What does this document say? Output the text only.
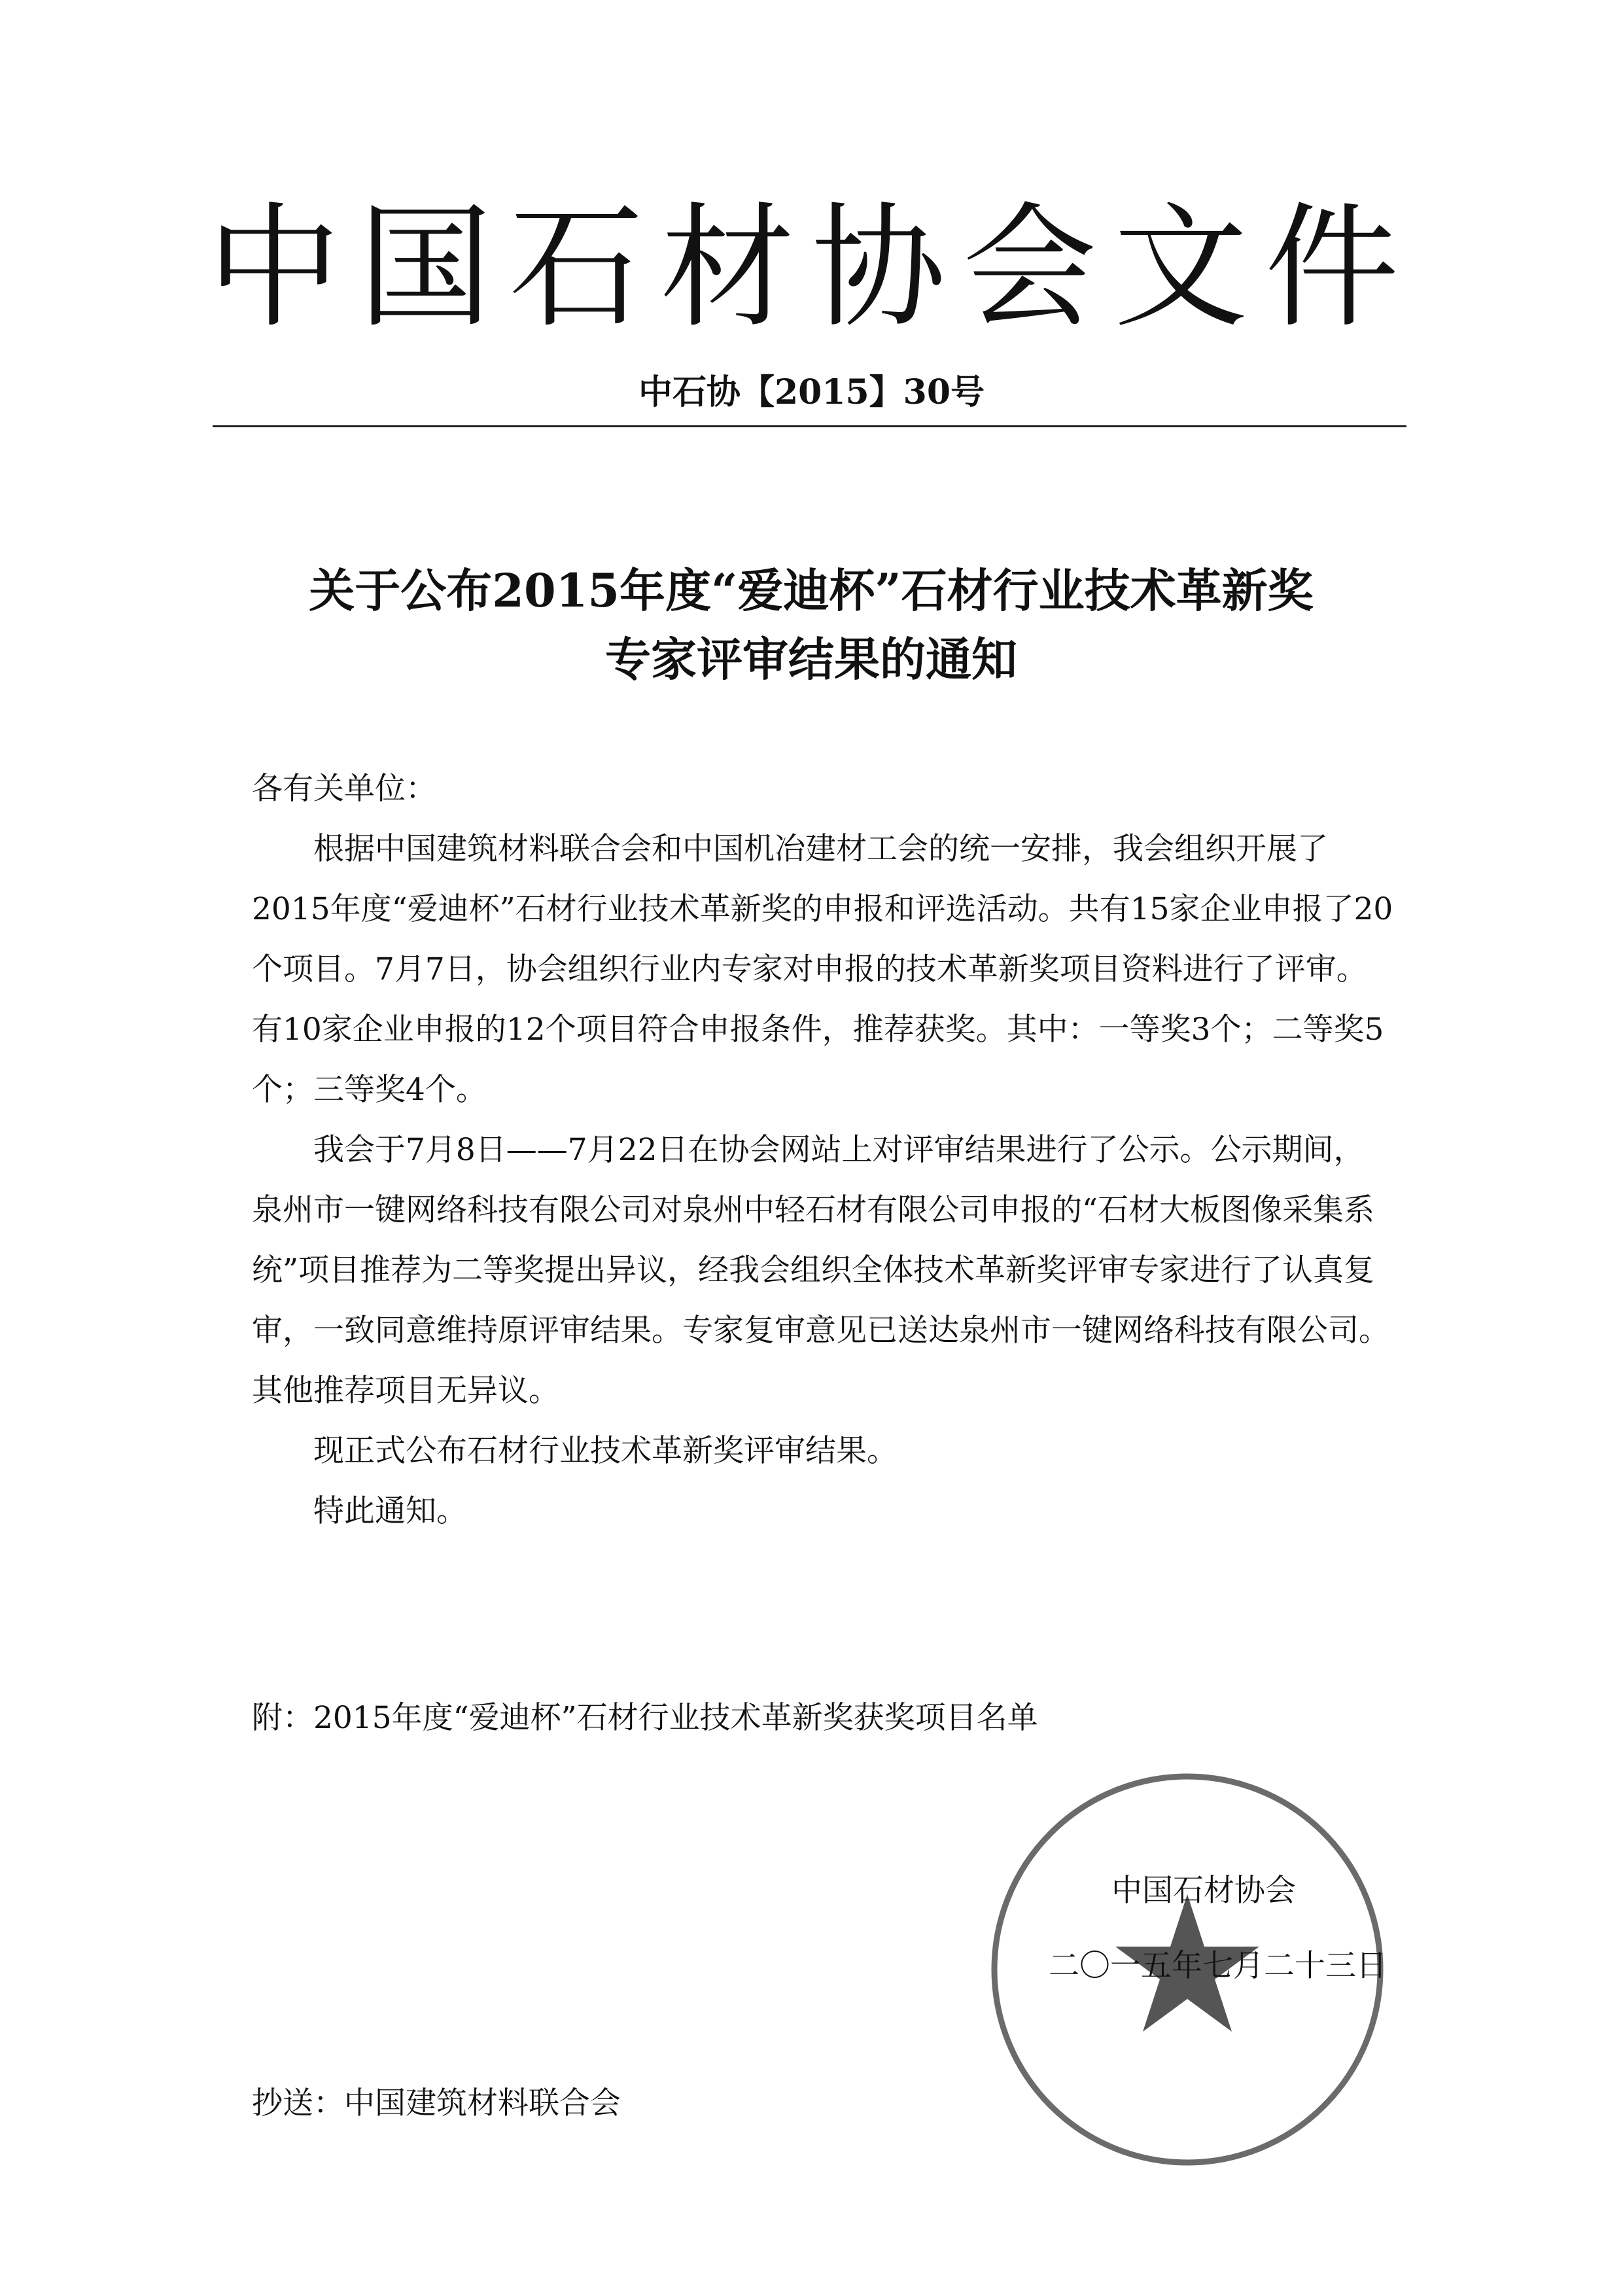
中国石材协会文件
中石协【2015】30号
关于公布2015年度“爱迪杯”石材行业技术革新奖
专家评审结果的通知

各有关单位：

根据中国建筑材料联合会和中国机冶建材工会的统一安排，我会组织开展了2015年度“爱迪杯”石材行业技术革新奖的申报和评选活动。共有15家企业申报了20个项目。7月7日，协会组织行业内专家对申报的技术革新奖项目资料进行了评审。有10家企业申报的12个项目符合申报条件，推荐获奖。其中：一等奖3个；二等奖5个；三等奖4个。

我会于7月8日——7月22日在协会网站上对评审结果进行了公示。公示期间，泉州市一键网络科技有限公司对泉州中轻石材有限公司申报的“石材大板图像采集系统”项目推荐为二等奖提出异议，经我会组织全体技术革新奖评审专家进行了认真复审，一致同意维持原评审结果。专家复审意见已送达泉州市一键网络科技有限公司。其他推荐项目无异议。

现正式公布石材行业技术革新奖评审结果。

特此通知。

附：2015年度“爱迪杯”石材行业技术革新奖获奖项目名单
中国石材协会
二〇一五年七月二十三日
抄送：中国建筑材料联合会
